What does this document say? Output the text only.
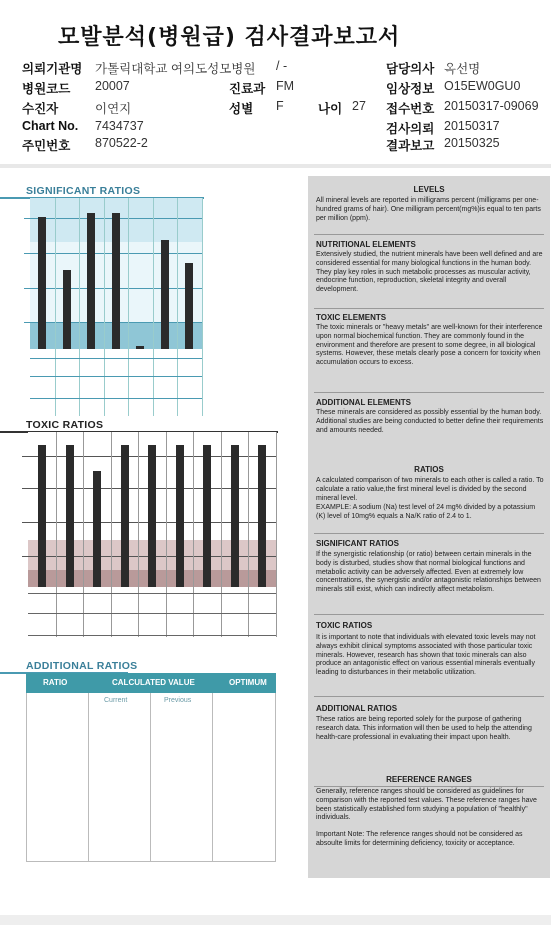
모발분석(병원급) 검사결과보고서
의뢰기관명 가톨릭대학교 여의도성모병원 / -	담당의사 옥선명
병원코드 20007	진료과 FM	임상정보 O15EW0GU0
수진자	이연지	성별 F	나이 27 접수번호 20150317-09069
Chart No. 7434737	검사의뢰 20150317
주민번호 870522-2	결과보고 20150325
SIGNIFICANT RATIOS
TOXIC RATIOS
ADDITIONAL RATIOS
RATIO	CALCULATED VALUE	OPTIMUM
Current	Previous
LEVELS
All mineral levels are reported in milligrams percent (milligrams per one-hundred grams of hair). One milligram percent(mg%)is equal to ten parts per million (ppm).
NUTRITIONAL ELEMENTS
Extensively studied, the nutrient minerals have been well defined and are considered essential for many biological functions in the human body. They play key roles in such metabolic processes as muscular activity, endocrine function, reproduction, skeletal integrity and overall development.
TOXIC ELEMENTS
The toxic minerals or "heavy metals" are well-known for their interference upon normal biochemical function. They are commonly found in the environment and therefore are present to some degree, in all biological systems. However, these metals clearly pose a concern for toxicity when accumulation occurs to excess.
ADDITIONAL ELEMENTS
These minerals are considered as possibly essential by the human body. Additional studies are being conducted to better define their requirements and amounts needed.
RATIOS
A calculated comparison of two minerals to each other is called a ratio. To calculate a ratio value,the first mineral level is divided by the second mineral level.
EXAMPLE: A sodium (Na) test level of 24 mg% divided by a potassium (K) level of 10mg% equals a Na/K ratio of 2.4 to 1.
SIGNIFICANT RATIOS
If the synergistic relationship (or ratio) between certain minerals in the body is disturbed, studies show that normal biological functions and metabolic activity can be adversely affected. Even at extremely low concentrations, the synergistic and/or antagonistic relationships between minerals still exist, which can indirectly affect metabolism.
TOXIC RATIOS
It is important to note that individuals with elevated toxic levels may not always exhibit clinical symptoms associated with those particular toxic minerals. However, research has shown that toxic minerals can also produce an antagonistic effect on various essential minerals eventually leading to disturbances in their metabolic utilization.
ADDITIONAL RATIOS
These ratios are being reported solely for the purpose of gathering research data. This information will then be used to help the attending health-care professional in evaluating their impact upon health.
REFERENCE RANGES
Generally, reference ranges should be considered as guidelines for comparison with the reported test values. These reference ranges have been statistically established form studying a population of "healthly" individuals.
Important Note: The reference ranges should not be considered as absoulte limits for determining deficiency, toxicity or acceptance.
